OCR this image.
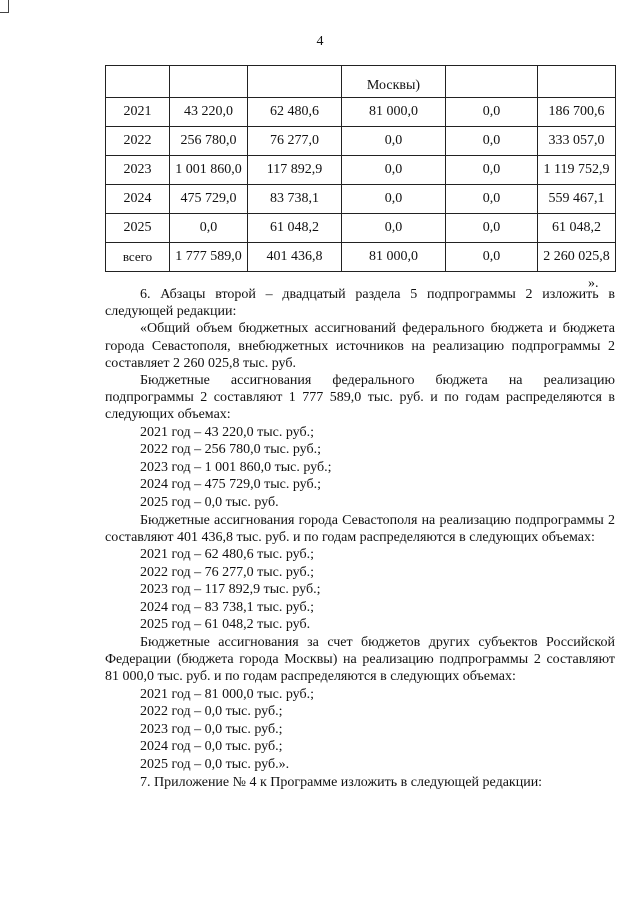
4
			Москвы)		
2021	43 220,0	62 480,6	81 000,0	0,0	186 700,6
2022	256 780,0	76 277,0	0,0	0,0	333 057,0
2023	1 001 860,0	117 892,9	0,0	0,0	1 119 752,9
2024	475 729,0	83 738,1	0,0	0,0	559 467,1
2025	0,0	61 048,2	0,0	0,0	61 048,2
всего	1 777 589,0	401 436,8	81 000,0	0,0	2 260 025,8
».

6. Абзацы второй – двадцатый раздела 5 подпрограммы 2 изложить в следующей редакции:

«Общий объем бюджетных ассигнований федерального бюджета и бюджета города Севастополя, внебюджетных источников на реализацию подпрограммы 2 составляет 2 260 025,8 тыс. руб.

Бюджетные ассигнования федерального бюджета на реализацию подпрограммы 2 составляют 1 777 589,0 тыс. руб. и по годам распределяются в следующих объемах:

2021 год – 43 220,0 тыс. руб.;

2022 год – 256 780,0 тыс. руб.;

2023 год – 1 001 860,0 тыс. руб.;

2024 год – 475 729,0 тыс. руб.;

2025 год – 0,0 тыс. руб.

Бюджетные ассигнования города Севастополя на реализацию подпрограммы 2 составляют 401 436,8 тыс. руб. и по годам распределяются в следующих объемах:

2021 год – 62 480,6 тыс. руб.;

2022 год – 76 277,0 тыс. руб.;

2023 год – 117 892,9 тыс. руб.;

2024 год – 83 738,1 тыс. руб.;

2025 год – 61 048,2 тыс. руб.

Бюджетные ассигнования за счет бюджетов других субъектов Российской Федерации (бюджета города Москвы) на реализацию подпрограммы 2 составляют 81 000,0 тыс. руб. и по годам распределяются в следующих объемах:

2021 год – 81 000,0 тыс. руб.;

2022 год – 0,0 тыс. руб.;

2023 год – 0,0 тыс. руб.;

2024 год – 0,0 тыс. руб.;

2025 год – 0,0 тыс. руб.».

7. Приложение № 4 к Программе изложить в следующей редакции:
